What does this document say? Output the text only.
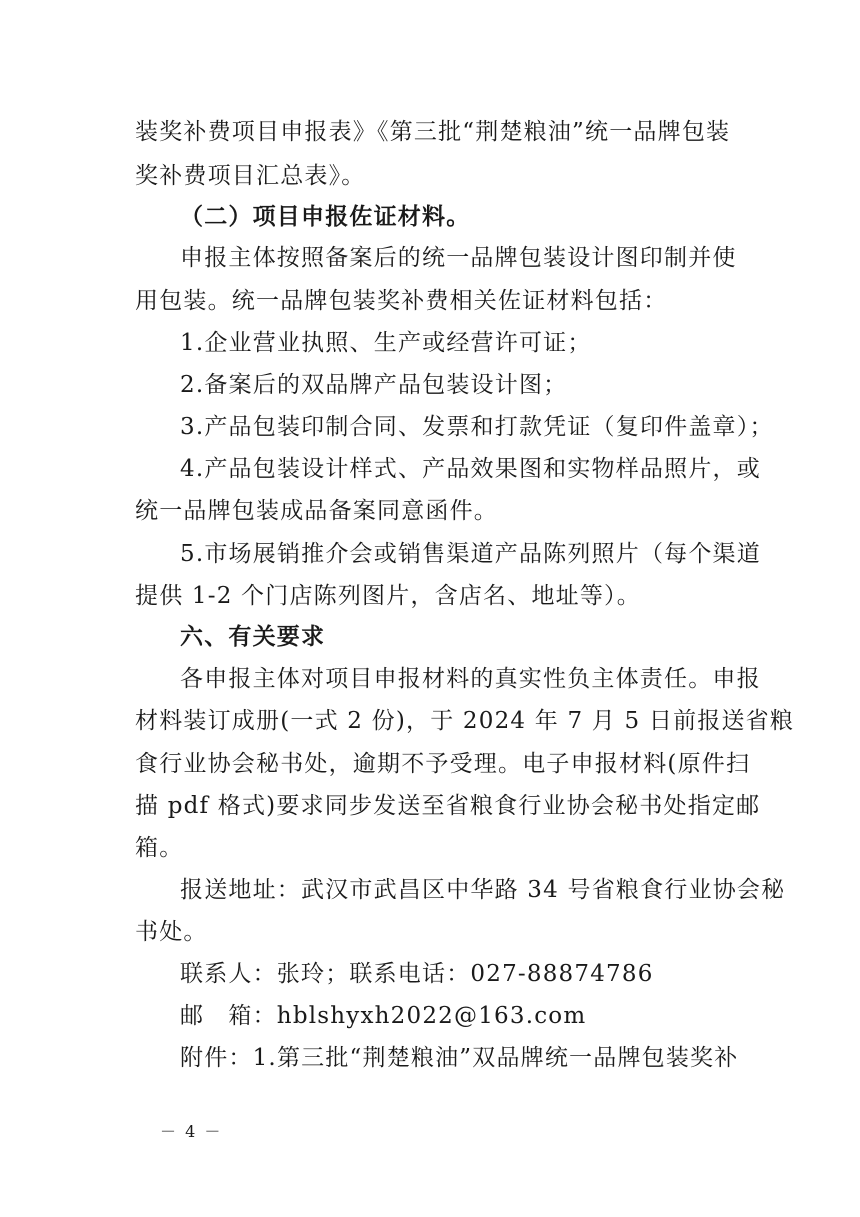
装奖补费项目申报表》《第三批“荆楚粮油”统一品牌包装
奖补费项目汇总表》。
（二）项目申报佐证材料。
申报主体按照备案后的统一品牌包装设计图印制并使
用包装。统一品牌包装奖补费相关佐证材料包括：
1.企业营业执照、生产或经营许可证；
2.备案后的双品牌产品包装设计图；
3.产品包装印制合同、发票和打款凭证（复印件盖章）；
4.产品包装设计样式、产品效果图和实物样品照片，或
统一品牌包装成品备案同意函件。
5.市场展销推介会或销售渠道产品陈列照片（每个渠道
提供 1-2 个门店陈列图片，含店名、地址等）。
六、有关要求
各申报主体对项目申报材料的真实性负主体责任。申报
材料装订成册(一式 2 份)，于 2024 年 7 月 5 日前报送省粮
食行业协会秘书处，逾期不予受理。电子申报材料(原件扫
描 pdf 格式)要求同步发送至省粮食行业协会秘书处指定邮
箱。
报送地址：武汉市武昌区中华路 34 号省粮食行业协会秘
书处。
联系人：张玲；联系电话：027-88874786
邮　箱：hblshyxh2022@163.com
附件：1.第三批“荆楚粮油”双品牌统一品牌包装奖补
－ 4 －
